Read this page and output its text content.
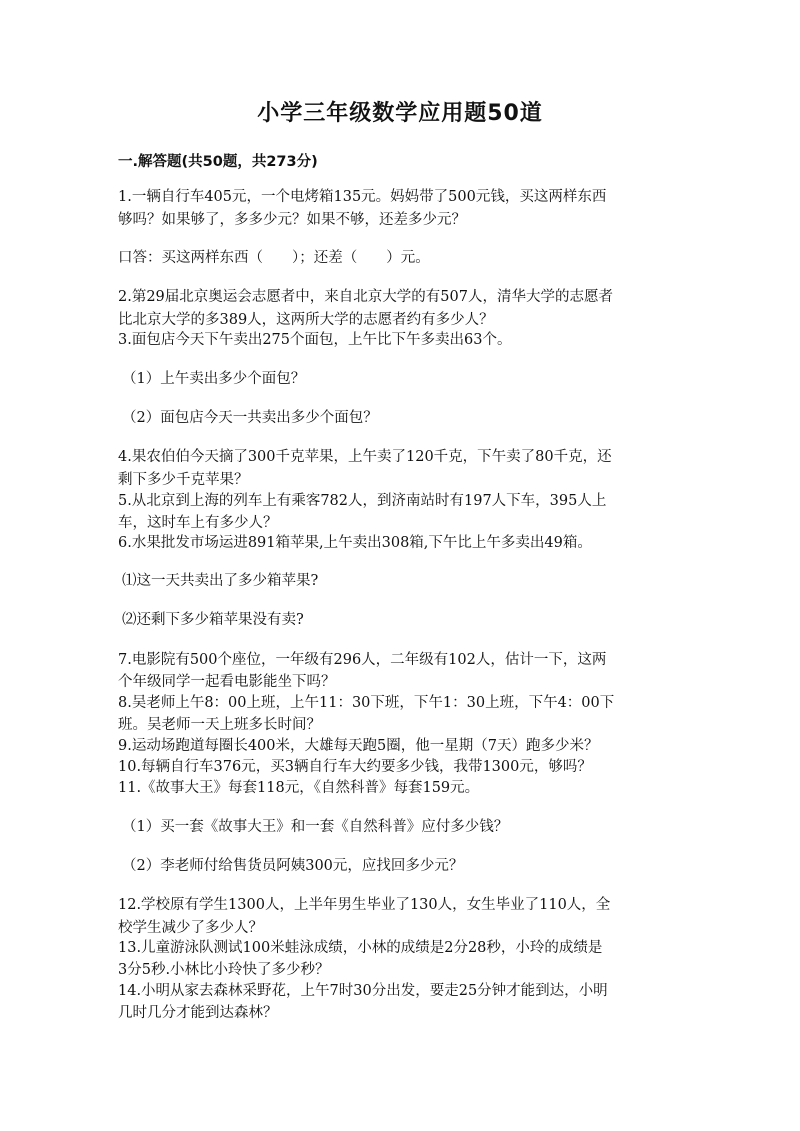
小学三年级数学应用题50道
一.解答题(共50题，共273分)
1.一辆自行车405元，一个电烤箱135元。妈妈带了500元钱，买这两样东西
够吗？如果够了，多多少元？如果不够，还差多少元？
口答：买这两样东西（　　）；还差（　　）元。
2.第29届北京奥运会志愿者中，来自北京大学的有507人，清华大学的志愿者
比北京大学的多389人，这两所大学的志愿者约有多少人？
3.面包店今天下午卖出275个面包，上午比下午多卖出63个。
（1）上午卖出多少个面包？
（2）面包店今天一共卖出多少个面包？
4.果农伯伯今天摘了300千克苹果，上午卖了120千克，下午卖了80千克，还
剩下多少千克苹果？
5.从北京到上海的列车上有乘客782人，到济南站时有197人下车，395人上
车，这时车上有多少人？
6.水果批发市场运进891箱苹果,上午卖出308箱,下午比上午多卖出49箱。
⑴这一天共卖出了多少箱苹果?
⑵还剩下多少箱苹果没有卖?
7.电影院有500个座位，一年级有296人，二年级有102人，估计一下，这两
个年级同学一起看电影能坐下吗？
8.吴老师上午8：00上班，上午11：30下班，下午1：30上班，下午4：00下
班。吴老师一天上班多长时间？
9.运动场跑道每圈长400米，大雄每天跑5圈，他一星期（7天）跑多少米？
10.每辆自行车376元，买3辆自行车大约要多少钱，我带1300元，够吗？
11.《故事大王》每套118元，《自然科普》每套159元。
（1）买一套《故事大王》和一套《自然科普》应付多少钱？
（2）李老师付给售货员阿姨300元，应找回多少元？
12.学校原有学生1300人，上半年男生毕业了130人，女生毕业了110人，全
校学生减少了多少人？
13.儿童游泳队测试100米蛙泳成绩，小林的成绩是2分28秒，小玲的成绩是
3分5秒.小林比小玲快了多少秒？
14.小明从家去森林采野花，上午7时30分出发，要走25分钟才能到达，小明
几时几分才能到达森林？
